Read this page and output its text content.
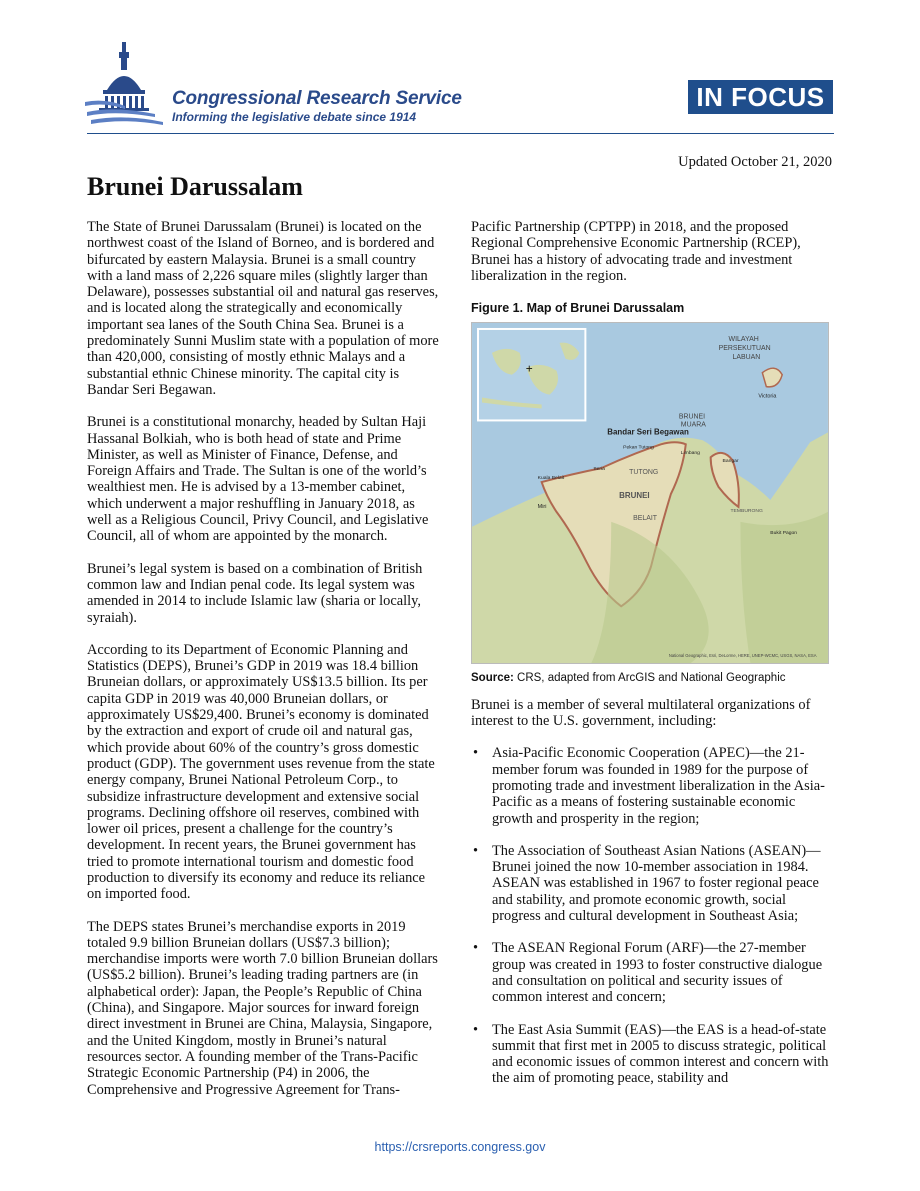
Congressional Research Service
Informing the legislative debate since 1914
IN FOCUS
Updated October 21, 2020
Brunei Darussalam

The State of Brunei Darussalam (Brunei) is located on the northwest coast of the Island of Borneo, and is bordered and bifurcated by eastern Malaysia. Brunei is a small country with a land mass of 2,226 square miles (slightly larger than Delaware), possesses substantial oil and natural gas reserves, and is located along the strategically and economically important sea lanes of the South China Sea. Brunei is a predominately Sunni Muslim state with a population of more than 420,000, consisting of mostly ethnic Malays and a substantial ethnic Chinese minority. The capital city is Bandar Seri Begawan.

Brunei is a constitutional monarchy, headed by Sultan Haji Hassanal Bolkiah, who is both head of state and Prime Minister, as well as Minister of Finance, Defense, and Foreign Affairs and Trade. The Sultan is one of the world’s wealthiest men. He is advised by a 13-member cabinet, which underwent a major reshuffling in January 2018, as well as a Religious Council, Privy Council, and Legislative Council, all of whom are appointed by the monarch.

Brunei’s legal system is based on a combination of British common law and Indian penal code. Its legal system was amended in 2014 to include Islamic law (sharia or locally, syraiah).

According to its Department of Economic Planning and Statistics (DEPS), Brunei’s GDP in 2019 was 18.4 billion Bruneian dollars, or approximately US$13.5 billion. Its per capita GDP in 2019 was 40,000 Bruneian dollars, or approximately US$29,400. Brunei’s economy is dominated by the extraction and export of crude oil and natural gas, which provide about 60% of the country’s gross domestic product (GDP). The government uses revenue from the state energy company, Brunei National Petroleum Corp., to subsidize infrastructure development and extensive social programs. Declining offshore oil reserves, combined with lower oil prices, present a challenge for the country’s development. In recent years, the Brunei government has tried to promote international tourism and domestic food production to diversify its economy and reduce its reliance on imported food.

The DEPS states Brunei’s merchandise exports in 2019 totaled 9.9 billion Bruneian dollars (US$7.3 billion); merchandise imports were worth 7.0 billion Bruneian dollars (US$5.2 billion). Brunei’s leading trading partners are (in alphabetical order): Japan, the People’s Republic of China (China), and Singapore. Major sources for inward foreign direct investment in Brunei are China, Malaysia, Singapore, and the United Kingdom, mostly in Brunei’s natural resources sector. A founding member of the Trans-Pacific Strategic Economic Partnership (P4) in 2006, the Comprehensive and Progressive Agreement for Trans-

Pacific Partnership (CPTPP) in 2018, and the proposed Regional Comprehensive Economic Partnership (RCEP), Brunei has a history of advocating trade and investment liberalization in the region.

Figure 1. Map of Brunei Darussalam
+
WILAYAH
PERSEKUTUAN
LABUAN
Victoria
BRUNEI
MUARA
Bandar Seri Begawan
Pekan Tutong
Limbang
Bangar
Seria
Kuala Belait
TUTONG
BRUNEI
BELAIT
Miri
TEMBURONG
Bukit Pagon
National Geographic, Esri, DeLorme, HERE, UNEP-WCMC, USGS, NASA, ESA
Source: CRS, adapted from ArcGIS and National Geographic

Brunei is a member of several multilateral organizations of interest to the U.S. government, including:

• Asia-Pacific Economic Cooperation (APEC)—the 21-member forum was founded in 1989 for the purpose of promoting trade and investment liberalization in the Asia-Pacific as a means of fostering sustainable economic growth and prosperity in the region;
• The Association of Southeast Asian Nations (ASEAN)—Brunei joined the now 10-member association in 1984. ASEAN was established in 1967 to foster regional peace and stability, and promote economic growth, social progress and cultural development in Southeast Asia;
• The ASEAN Regional Forum (ARF)—the 27-member group was created in 1993 to foster constructive dialogue and consultation on political and security issues of common interest and concern;
• The East Asia Summit (EAS)—the EAS is a head-of-state summit that first met in 2005 to discuss strategic, political and economic issues of common interest and concern with the aim of promoting peace, stability and
https://crsreports.congress.gov
